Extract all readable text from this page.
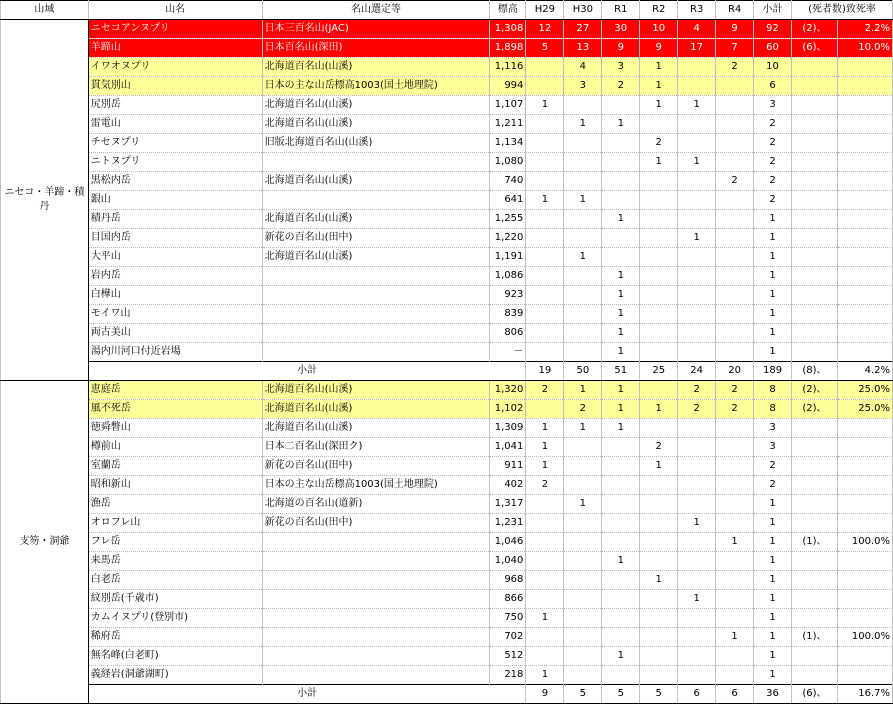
山域	山名	名山選定等	標高	H29	H30	R1	R2	R3	R4	小計	(死者数)致死率	
ニセコ・羊蹄・積丹	ニセコアンヌプリ	日本三百名山(JAC)	1,308	12	27	30	10	4	9	92	(2)、	2.2%
	羊蹄山	日本百名山(深田)	1,898	5	13	9	9	17	7	60	(6)、	10.0%
	イワオヌプリ	北海道百名山(山溪)	1,116		4	3	1		2	10		
	貫気別山	日本の主な山岳標高1003(国土地理院)	994		3	2	1			6		
	尻別岳	北海道百名山(山溪)	1,107	1			1	1		3		
	雷電山	北海道百名山(山溪)	1,211		1	1				2		
	チセヌプリ	旧版北海道百名山(山溪)	1,134				2			2		
	ニトヌプリ		1,080				1	1		2		
	黒松内岳	北海道百名山(山溪)	740						2	2		
	銀山		641	1	1					2		
	積丹岳	北海道百名山(山溪)	1,255			1				1		
	目国内岳	新花の百名山(田中)	1,220					1		1		
	大平山	北海道百名山(山溪)	1,191		1					1		
	岩内岳		1,086			1				1		
	白樺山		923			1				1		
	モイワ山		839			1				1		
	両古美山		806			1				1		
	湯内川河口付近岩場		－			1				1		
	小計			19	50	51	25	24	20	189	(8)、	4.2%
支笏・洞爺	恵庭岳	北海道百名山(山溪)	1,320	2	1	1		2	2	8	(2)、	25.0%
	風不死岳	北海道百名山(山溪)	1,102		2	1	1	2	2	8	(2)、	25.0%
	徳舜瞥山	北海道百名山(山溪)	1,309	1	1	1				3		
	樽前山	日本二百名山(深田ク)	1,041	1			2			3		
	室蘭岳	新花の百名山(田中)	911	1			1			2		
	昭和新山	日本の主な山岳標高1003(国土地理院)	402	2						2		
	漁岳	北海道の百名山(道新)	1,317		1					1		
	オロフレ山	新花の百名山(田中)	1,231					1		1		
	フレ岳		1,046						1	1	(1)、	100.0%
	来馬岳		1,040			1				1		
	白老岳		968				1			1		
	紋別岳(千歳市)		866					1		1		
	カムイヌプリ(登別市)		750	1						1		
	稀府岳		702						1	1	(1)、	100.0%
	無名峰(白老町)		512			1				1		
	義経岩(洞爺湖町)		218	1						1		
	小計			9	5	5	5	6	6	36	(6)、	16.7%
